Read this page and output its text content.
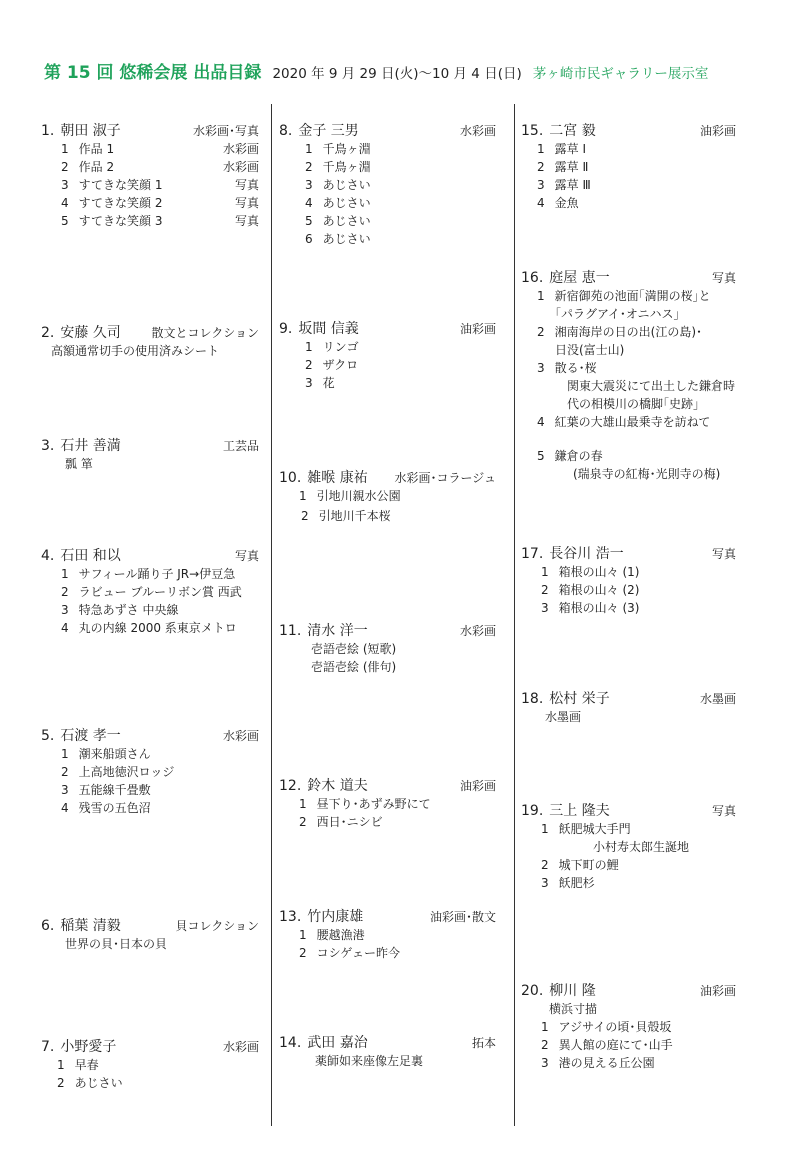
第 15 回 悠稀会展 出品目録 2020 年 9 月 29 日(火)～10 月 4 日(日) 茅ヶ崎市民ギャラリー展示室
1. 朝田 淑子	水彩画･写真
1 作品 1	水彩画
2 作品 2	水彩画
3 すてきな笑顔 1	写真
4 すてきな笑顔 2	写真
5 すてきな笑顔 3	写真
2. 安藤 久司	散文とコレクション
高額通常切手の使用済みシート
3. 石井 善満	工芸品
瓢 箪
4. 石田 和以	写真
1 サフィール踊り子 JR→伊豆急
2 ラビュー ブルーリボン賞 西武
3 特急あずさ 中央線
4 丸の内線 2000 系東京メトロ
5. 石渡 孝一	水彩画
1 潮来船頭さん
2 上高地徳沢ロッジ
3 五能線千畳敷
4 残雪の五色沼
6. 稲葉 清毅	貝コレクション
世界の貝･日本の貝
7. 小野愛子	水彩画
1 早春
2 あじさい
8. 金子 三男	水彩画
1 千鳥ヶ淵
2 千鳥ヶ淵
3 あじさい
4 あじさい
5 あじさい
6 あじさい
9. 坂間 信義	油彩画
1 リンゴ
2 ザクロ
3 花
10. 雑喉 康祐 水彩画･コラージュ
1 引地川親水公園
2 引地川千本桜
11. 清水 洋一	水彩画
壱語壱絵 (短歌)
壱語壱絵 (俳句)
12. 鈴木 道夫	油彩画
1 昼下り･あずみ野にて
2 西日･ニシビ
13. 竹内康雄	油彩画･散文
1 腰越漁港
2 コシゲェー昨今
14. 武田 嘉治	拓本
薬師如来座像左足裏
15. 二宮 毅	油彩画
1 露草 Ⅰ
2 露草 Ⅱ
3 露草 Ⅲ
4 金魚
16. 庭屋 恵一	写真
1 新宿御苑の池面｢満開の桜｣と
｢パラグアイ･オニハス｣
2 湘南海岸の日の出(江の島)･
日没(富士山)
3 散る･桜
関東大震災にて出土した鎌倉時
代の相模川の橋脚｢史跡｣
4 紅葉の大雄山最乗寺を訪ねて
5 鎌倉の春
(瑞泉寺の紅梅･光則寺の梅)
17. 長谷川 浩一	写真
1 箱根の山々 (1)
2 箱根の山々 (2)
3 箱根の山々 (3)
18. 松村 栄子	水墨画
水墨画
19. 三上 隆夫	写真
1 飫肥城大手門
小村寿太郎生誕地
2 城下町の鯉
3 飫肥杉
20. 柳川 隆	油彩画
横浜寸描
1 アジサイの頃･貝殻坂
2 異人館の庭にて･山手
3 港の見える丘公園
